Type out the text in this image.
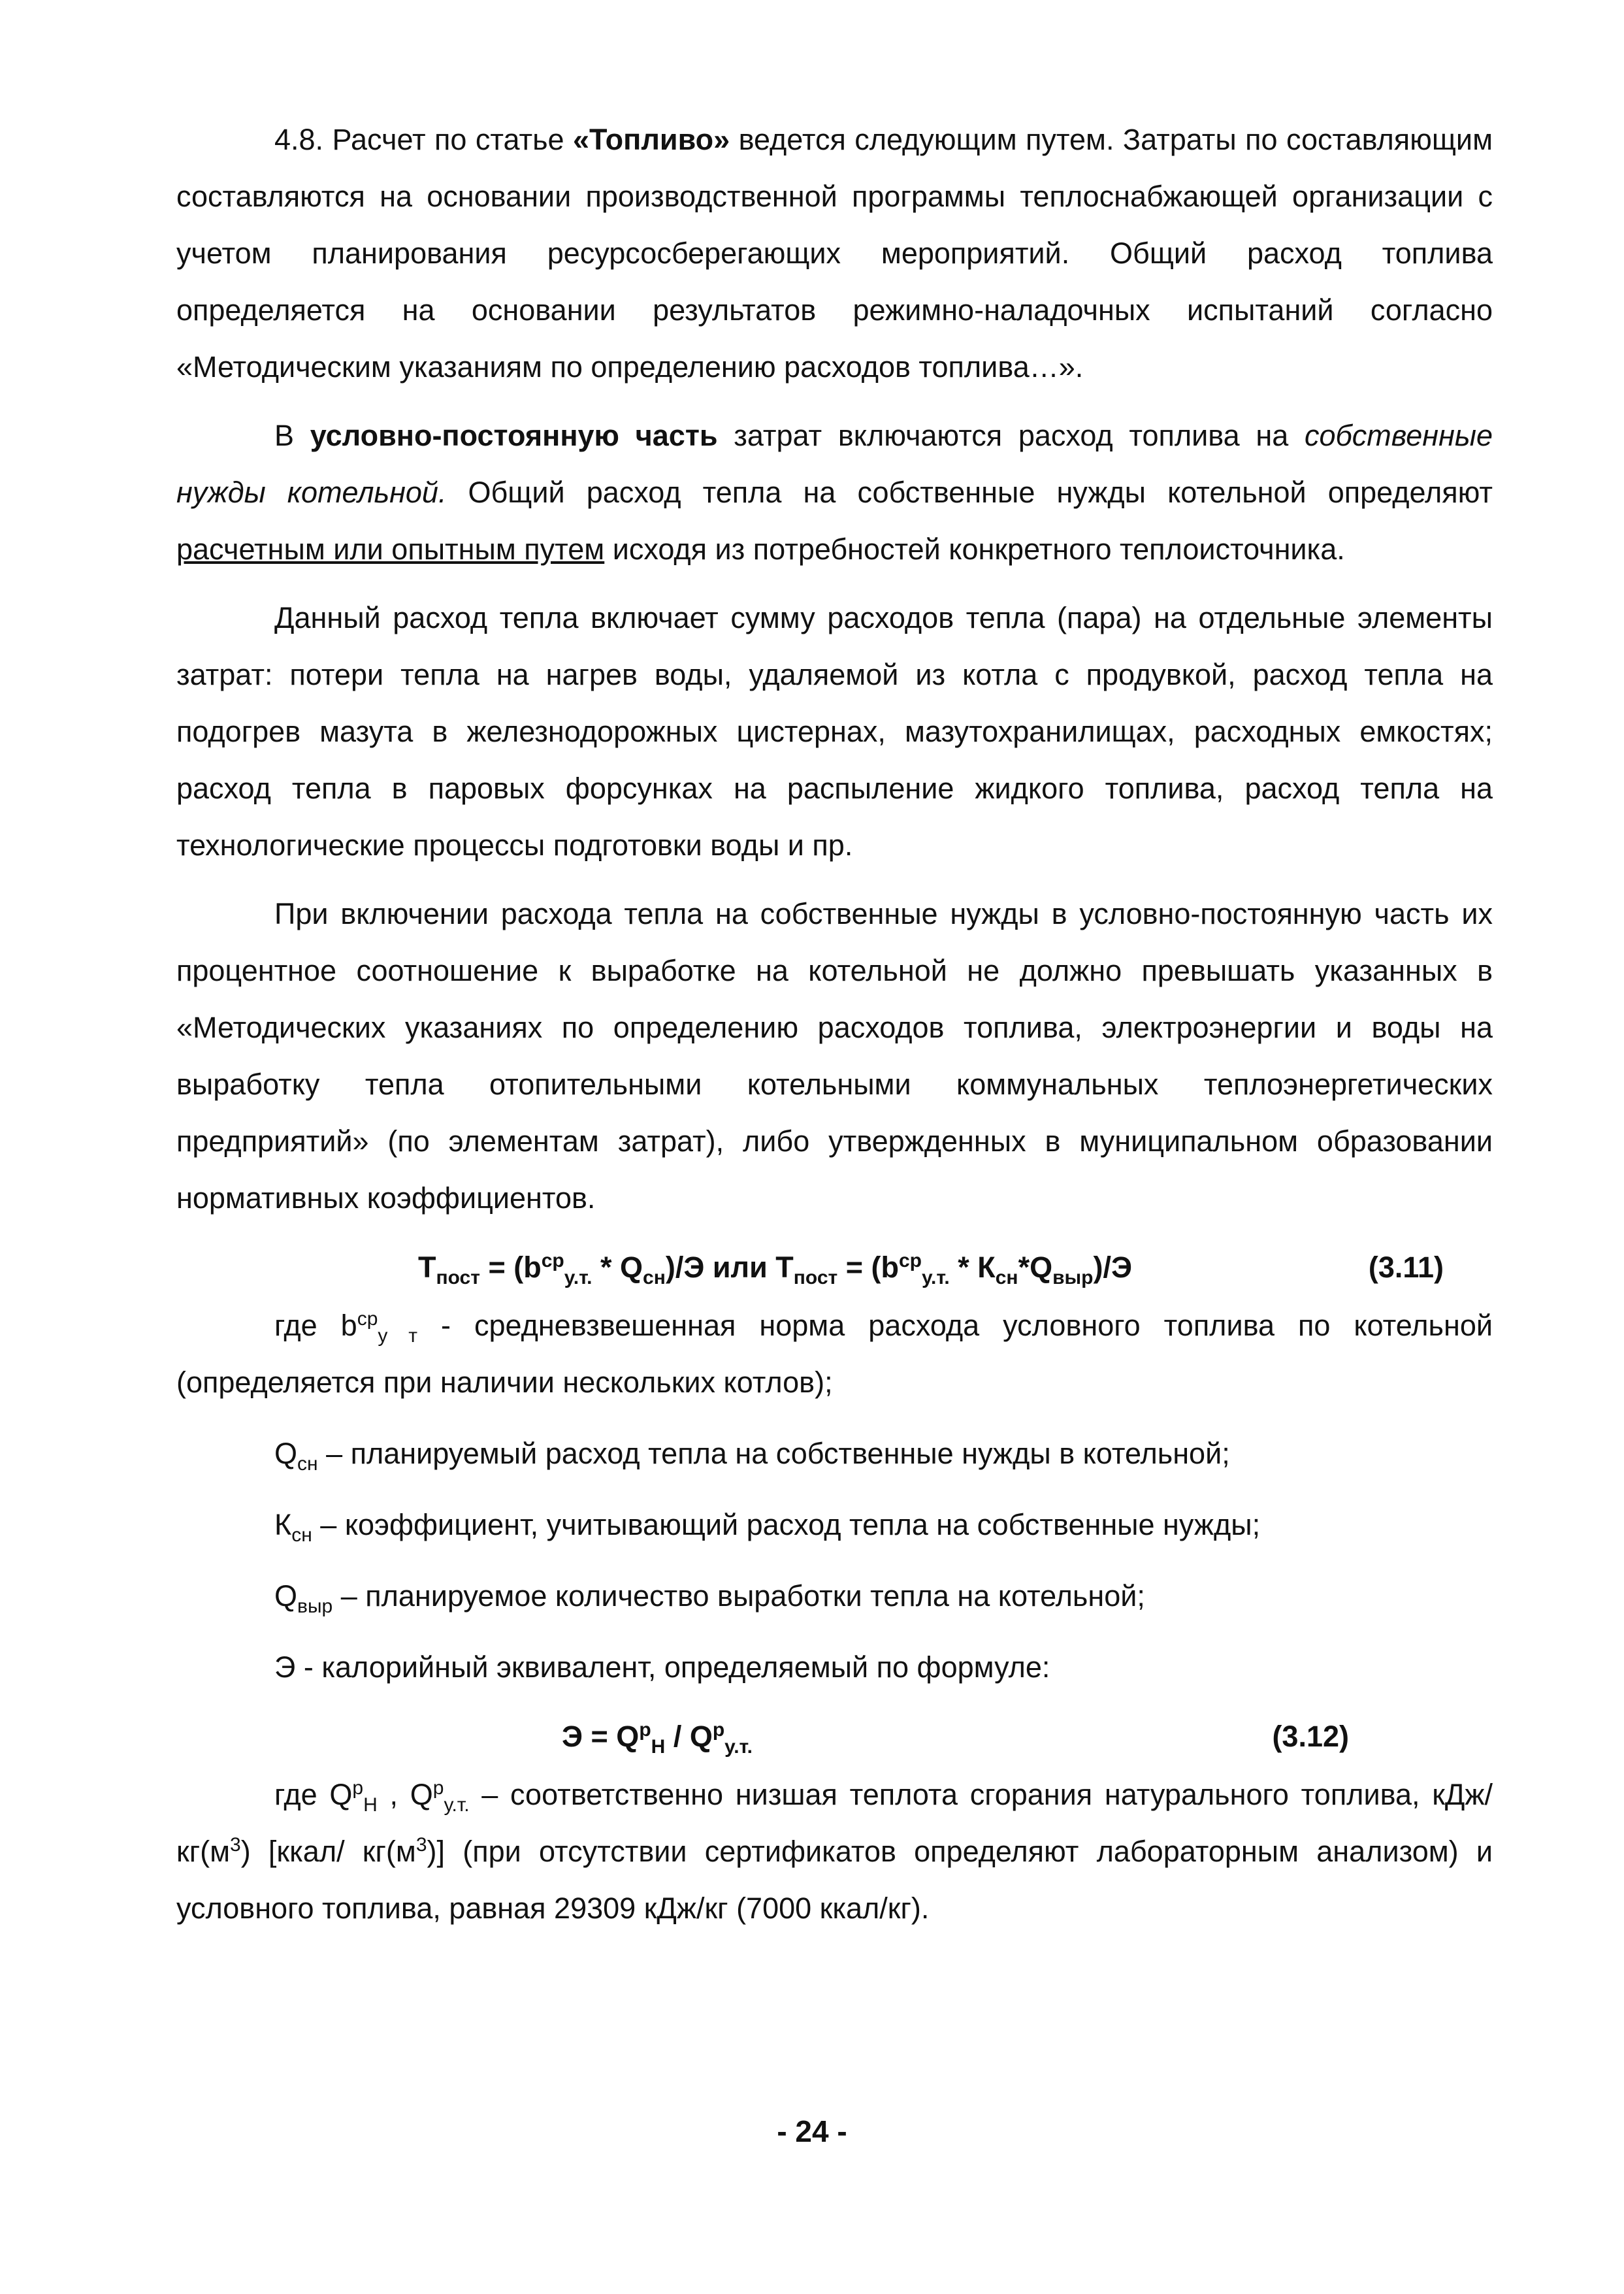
4.8. Расчет по статье «Топливо» ведется следующим путем. Затраты по составляющим составляются на основании производственной программы теплоснабжающей организации с учетом планирования ресурсосберегающих мероприятий. Общий расход топлива определяется на основании результатов режимно-наладочных испытаний согласно «Методическим указаниям по определению расходов топлива…».

В условно-постоянную часть затрат включаются расход топлива на собственные нужды котельной. Общий расход тепла на собственные нужды котельной определяют расчетным или опытным путем исходя из потребностей конкретного теплоисточника.

Данный расход тепла включает сумму расходов тепла (пара) на отдельные элементы затрат: потери тепла на нагрев воды, удаляемой из котла с продувкой, расход тепла на подогрев мазута в железнодорожных цистернах, мазутохранилищах, расходных емкостях; расход тепла в паровых форсунках на распыление жидкого топлива, расход тепла на технологические процессы подготовки воды и пр.

При включении расхода тепла на собственные нужды в условно-постоянную часть их процентное соотношение к выработке на котельной не должно превышать указанных в «Методических указаниях по определению расходов топлива, электроэнергии и воды на выработку тепла отопительными котельными коммунальных теплоэнергетических предприятий» (по элементам затрат), либо утвержденных в муниципальном образовании нормативных коэффициентов.

$Т_{пост} = (b^{ср}_{у.т.} * Q_{сн})/Э$ или $Т_{пост} = (b^{ср}_{у.т.} * К_{сн}*Q_{выр})/Э$	(3.11)

где $b^{ср}_{у т}$ - средневзвешенная норма расхода условного топлива по котельной (определяется при наличии нескольких котлов);

$Q_{сн}$ – планируемый расход тепла на собственные нужды в котельной;

$К_{сн}$ – коэффициент, учитывающий расход тепла на собственные нужды;

$Q_{выр}$ – планируемое количество выработки тепла на котельной;

Э - калорийный эквивалент, определяемый по формуле:

$Э = Q^р_Н / Q^р_{у.т.}$	(3.12)

где $Q^р_Н$ , $Q^р_{у.т.}$ – соответственно низшая теплота сгорания натурального топлива, кДж/$кг(м^3)$ [ккал/ $кг(м^3)$] (при отсутствии сертификатов определяют лабораторным анализом) и условного топлива, равная 29309 кДж/кг (7000 ккал/кг).

- 24 -
